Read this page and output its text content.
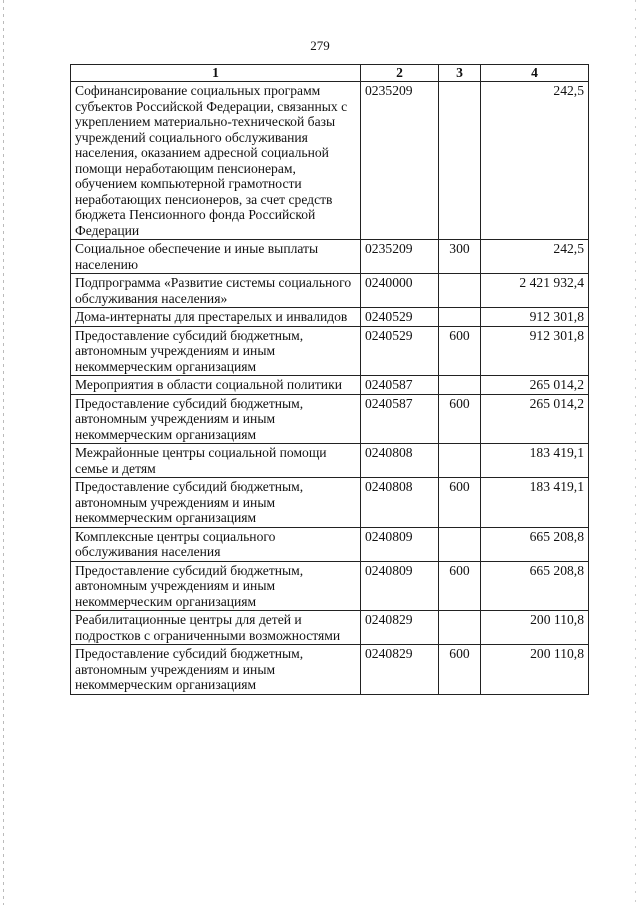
279
1	2	3	4
Софинансирование социальных программ субъектов Российской Федерации, связанных с укреплением материально-технической базы учреждений социального обслуживания населения, оказанием адресной социальной помощи неработающим пенсионерам, обучением компьютерной грамотности неработающих пенсионеров, за счет средств бюджета Пенсионного фонда Российской Федерации	0235209		242,5
Социальное обеспечение и иные выплаты населению	0235209	300	242,5
Подпрограмма «Развитие системы социального обслуживания населения»	0240000		2 421 932,4
Дома-интернаты для престарелых и инвалидов	0240529		912 301,8
Предоставление субсидий бюджетным, автономным учреждениям и иным некоммерческим организациям	0240529	600	912 301,8
Мероприятия в области социальной политики	0240587		265 014,2
Предоставление субсидий бюджетным, автономным учреждениям и иным некоммерческим организациям	0240587	600	265 014,2
Межрайонные центры социальной помощи семье и детям	0240808		183 419,1
Предоставление субсидий бюджетным, автономным учреждениям и иным некоммерческим организациям	0240808	600	183 419,1
Комплексные центры социального обслуживания населения	0240809		665 208,8
Предоставление субсидий бюджетным, автономным учреждениям и иным некоммерческим организациям	0240809	600	665 208,8
Реабилитационные центры для детей и подростков с ограниченными возможностями	0240829		200 110,8
Предоставление субсидий бюджетным, автономным учреждениям и иным некоммерческим организациям	0240829	600	200 110,8
